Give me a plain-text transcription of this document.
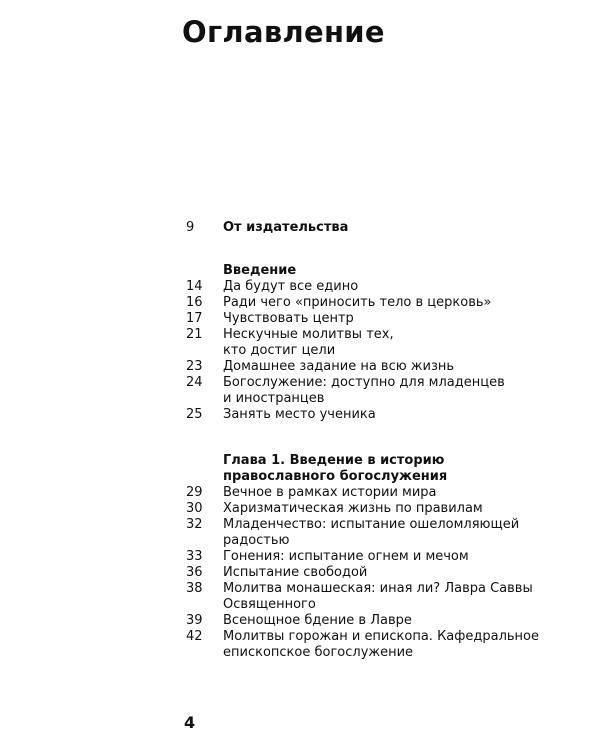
Оглавление
9	От издательства
Введение
14	Да будут все едино
16	Ради чего «приносить тело в церковь»
17	Чувствовать центр
21	Нескучные молитвы тех,
кто достиг цели
23	Домашнее задание на всю жизнь
24	Богослужение: доступно для младенцев
и иностранцев
25	Занять место ученика
Глава 1. Введение в историю
православного богослужения
29	Вечное в рамках истории мира
30	Харизматическая жизнь по правилам
32	Младенчество: испытание ошеломляющей
радостью
33	Гонения: испытание огнем и мечом
36	Испытание свободой
38	Молитва монашеская: иная ли? Лавра Саввы
Освященного
39	Всенощное бдение в Лавре
42	Молитвы горожан и епископа. Кафедральное
епископское богослужение
4
